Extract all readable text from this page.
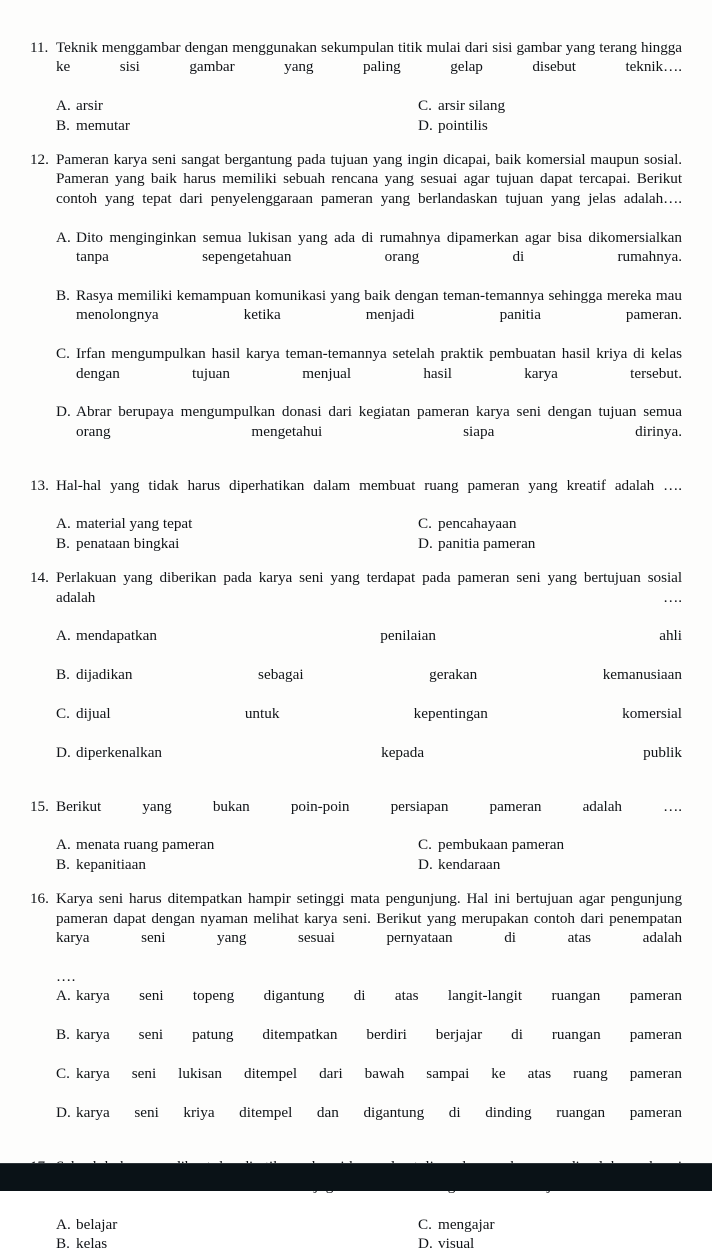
11. Teknik menggambar dengan menggunakan sekumpulan titik mulai dari sisi gambar yang terang hingga ke sisi gambar yang paling gelap disebut teknik….
A. arsir
B. memutar
C. arsir silang
D. pointilis
12. Pameran karya seni sangat bergantung pada tujuan yang ingin dicapai, baik komersial maupun sosial. Pameran yang baik harus memiliki sebuah rencana yang sesuai agar tujuan dapat tercapai. Berikut contoh yang tepat dari penyelenggaraan pameran yang berlandaskan tujuan yang jelas adalah….
A. Dito menginginkan semua lukisan yang ada di rumahnya dipamerkan agar bisa dikomersialkan tanpa sepengetahuan orang di rumahnya.
B. Rasya memiliki kemampuan komunikasi yang baik dengan teman-temannya sehingga mereka mau menolongnya ketika menjadi panitia pameran.
C. Irfan mengumpulkan hasil karya teman-temannya setelah praktik pembuatan hasil kriya di kelas dengan tujuan menjual hasil karya tersebut.
D. Abrar berupaya mengumpulkan donasi dari kegiatan pameran karya seni dengan tujuan semua orang mengetahui siapa dirinya.
13. Hal-hal yang tidak harus diperhatikan dalam membuat ruang pameran yang kreatif adalah ….
A. material yang tepat
B. penataan bingkai
C. pencahayaan
D. panitia pameran
14. Perlakuan yang diberikan pada karya seni yang terdapat pada pameran seni yang bertujuan sosial adalah ….
A. mendapatkan penilaian ahli
B. dijadikan sebagai gerakan kemanusiaan
C. dijual untuk kepentingan komersial
D. diperkenalkan kepada publik
15. Berikut yang bukan poin-poin persiapan pameran adalah ….
A. menata ruang pameran
B. kepanitiaan
C. pembukaan pameran
D. kendaraan
16. Karya seni harus ditempatkan hampir setinggi mata pengunjung. Hal ini bertujuan agar pengunjung pameran dapat dengan nyaman melihat karya seni. Berikut yang merupakan contoh dari penempatan karya seni yang sesuai pernyataan di atas adalah
….
A. karya seni topeng digantung di atas langit-langit ruangan pameran
B. karya seni patung ditempatkan berdiri berjajar di ruangan pameran
C. karya seni lukisan ditempel dari bawah sampai ke atas ruang pameran
D. karya seni kriya ditempel dan digantung di dinding ruangan pameran
A. belajar
B. kelas
C. mengajar
D. visual
